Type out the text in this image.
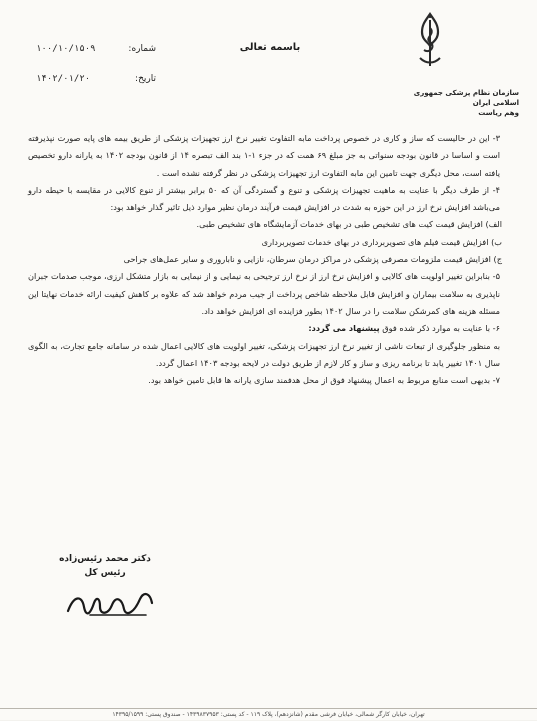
سازمان نظام پزشکی جمهوری اسلامی ایران
وهم ریاست
باسمه تعالی
شماره:
۱۰۰/۱۰/۱۵۰۹
تاریخ:
۱۴۰۲/۰۱/۲۰

۳- این در حالیست که ساز و کاری در خصوص پرداخت مابه التفاوت تغییر نرخ ارز تجهیزات پزشکی از طریق بیمه های پایه صورت نپذیرفته است و اساسا در قانون بودجه سنواتی به جز مبلغ ۶۹ همت که در جزء ۱-۱ بند الف تبصره ۱۴ از قانون بودجه ۱۴۰۲ به یارانه دارو تخصیص یافته است، محل دیگری جهت تامین این مابه التفاوت ارز تجهیزات پزشکی در نظر گرفته نشده است .

۴- از طرف دیگر با عنایت به ماهیت تجهیزات پزشکی و تنوع و گستردگی آن که ۵۰ برابر بیشتر از تنوع کالایی در مقایسه با حیطه دارو می‌باشد افزایش نرخ ارز در این حوزه به شدت در افزایش قیمت فرآیند درمان نظیر موارد ذیل تاثیر گذار خواهد بود:

الف) افزایش قیمت کیت های تشخیص طبی در بهای خدمات آزمایشگاه های تشخیص طبی.

ب) افزایش قیمت فیلم های تصویربرداری در بهای خدمات تصویربرداری

ج) افزایش قیمت ملزومات مصرفی پزشکی در مراکز درمان سرطان، نازایی و نابار‌وری و سایر عمل‌های جراحی

۵- بنابراین تغییر اولویت های کالایی و افزایش نرخ ارز از نرخ ارز ترجیحی به نیمایی و از نیمایی به بازار متشکل ارزی، موجب صدمات جبران ناپذیری به سلامت بیماران و افزایش قابل ملاحظه شاخص پرداخت از جیب مردم خواهد شد که علاوه بر کاهش کیفیت ارائه خدمات نهایتا این مسئله هزینه های کمرشکن سلامت را در سال ۱۴۰۲ بطور فزاینده ای افزایش خواهد داد.

۶- با عنایت به موارد ذکر شده فوق پیشنهاد می گردد:

به منظور جلوگیری از تبعات ناشی از تغییر نرخ ارز تجهیزات پزشکی، تغییر اولویت های کالایی اعمال شده در سامانه جامع تجارت، به الگوی سال ۱۴۰۱ تغییر یابد تا برنامه ریزی و ساز و کار لازم از طریق دولت در لایحه بودجه ۱۴۰۳ اعمال گردد.

۷- بدیهی است منابع مربوط به اعمال پیشنهاد فوق از محل هدفمند سازی یارانه ها قابل تامین خواهد بود.

دکتر محمد رئیس‌زاده
رئیس کل
تهران، خیابان کارگر شمالی، خیابان فرشی مقدم (شانزدهم)، پلاک ۱۱۹ - کد پستی: ۱۴۳۹۸۳۷۹۵۳ - صندوق پستی: ۱۴۳۹۵/۱۵۹۹
